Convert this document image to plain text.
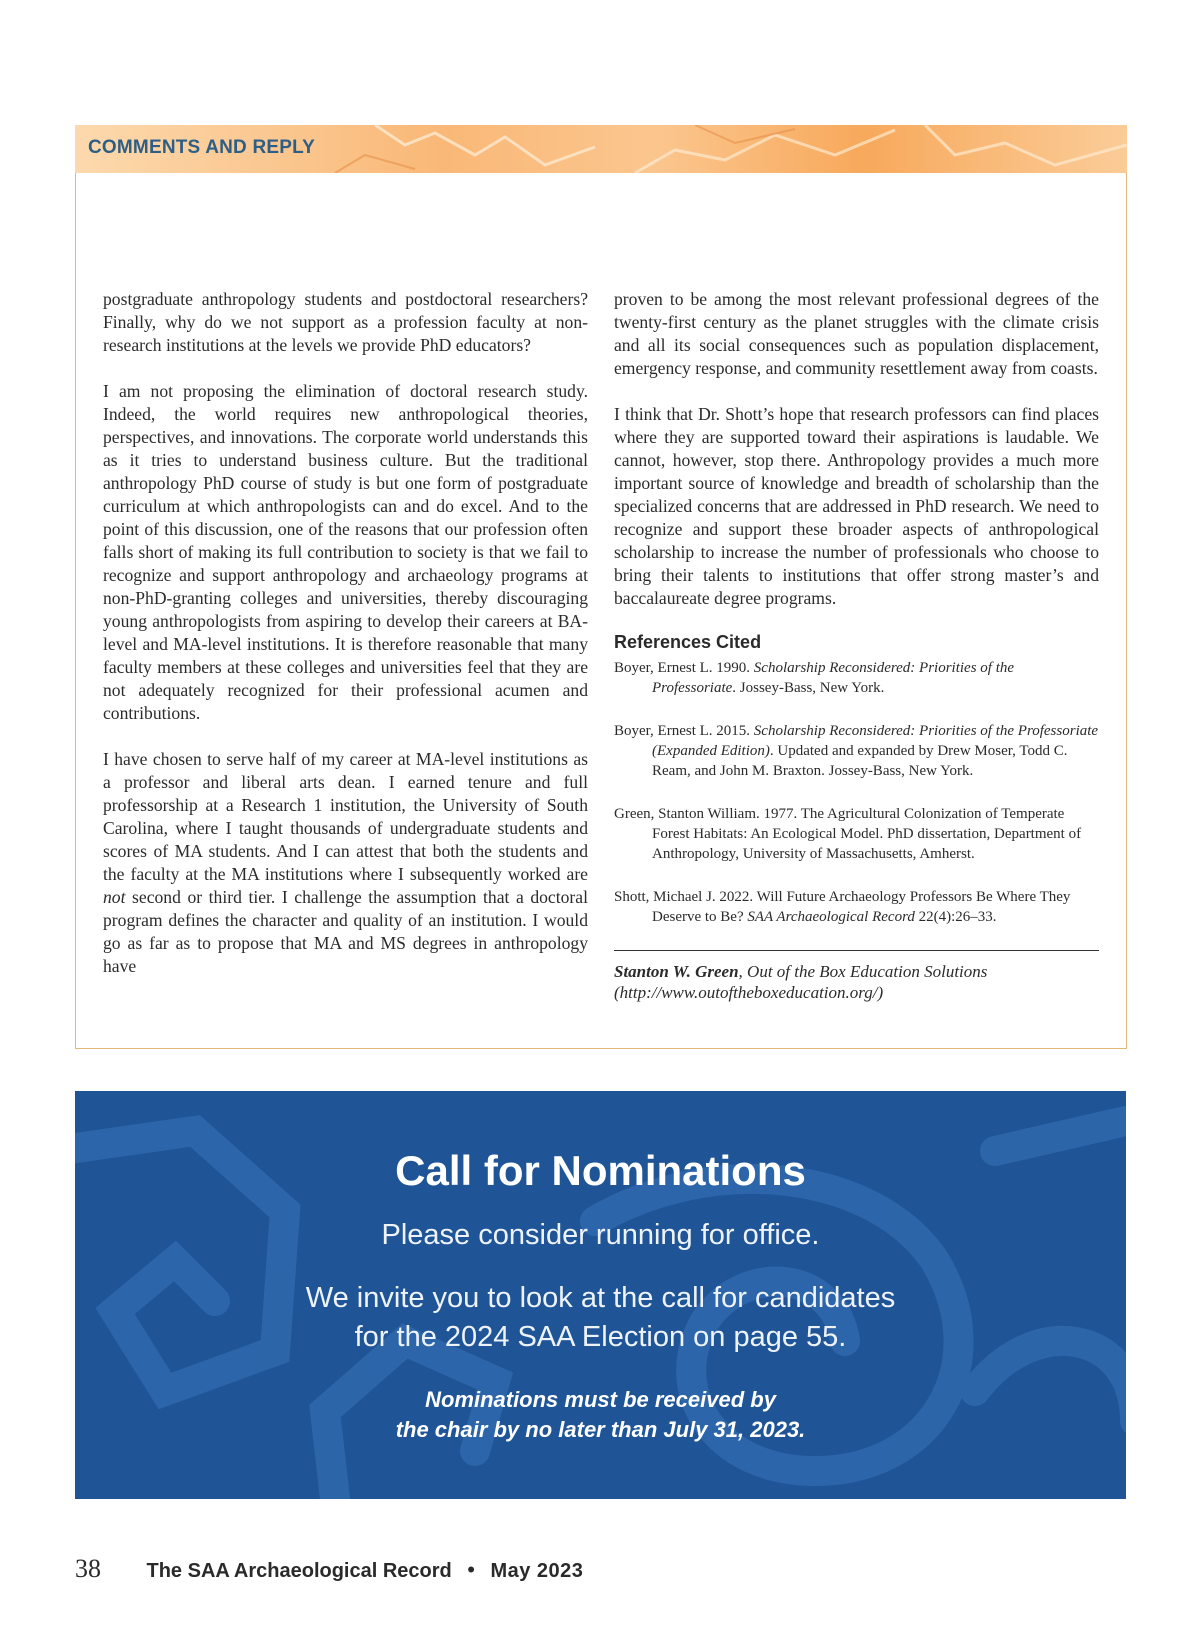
COMMENTS AND REPLY

postgraduate anthropology students and postdoctoral researchers? Finally, why do we not support as a profession faculty at non-research institutions at the levels we provide PhD educators?

I am not proposing the elimination of doctoral research study. Indeed, the world requires new anthropological theories, perspectives, and innovations. The corporate world understands this as it tries to understand business culture. But the traditional anthropology PhD course of study is but one form of postgraduate curriculum at which anthropologists can and do excel. And to the point of this discussion, one of the reasons that our profession often falls short of making its full contribution to society is that we fail to recognize and support anthropology and archaeology programs at non-PhD-granting colleges and universities, thereby discouraging young anthropologists from aspiring to develop their careers at BA-level and MA-level institutions. It is therefore reasonable that many faculty members at these colleges and universities feel that they are not adequately recognized for their professional acumen and contributions.

I have chosen to serve half of my career at MA-level institutions as a professor and liberal arts dean. I earned tenure and full professorship at a Research 1 institution, the University of South Carolina, where I taught thousands of undergraduate students and scores of MA students. And I can attest that both the students and the faculty at the MA institutions where I subsequently worked are not second or third tier. I challenge the assumption that a doctoral program defines the character and quality of an institution. I would go as far as to propose that MA and MS degrees in anthropology have

proven to be among the most relevant professional degrees of the twenty-first century as the planet struggles with the climate crisis and all its social consequences such as population displacement, emergency response, and community resettlement away from coasts.

I think that Dr. Shott’s hope that research professors can find places where they are supported toward their aspirations is laudable. We cannot, however, stop there. Anthropology provides a much more important source of knowledge and breadth of scholarship than the specialized concerns that are addressed in PhD research. We need to recognize and support these broader aspects of anthropological scholarship to increase the number of professionals who choose to bring their talents to institutions that offer strong master’s and baccalaureate degree programs.

References Cited

Boyer, Ernest L. 1990. Scholarship Reconsidered: Priorities of the Professoriate. Jossey-Bass, New York.

Boyer, Ernest L. 2015. Scholarship Reconsidered: Priorities of the Professoriate (Expanded Edition). Updated and expanded by Drew Moser, Todd C. Ream, and John M. Braxton. Jossey-Bass, New York.

Green, Stanton William. 1977. The Agricultural Colonization of Temperate Forest Habitats: An Ecological Model. PhD dissertation, Department of Anthropology, University of Massachusetts, Amherst.

Shott, Michael J. 2022. Will Future Archaeology Professors Be Where They Deserve to Be? SAA Archaeological Record 22(4):26–33.

Stanton W. Green, Out of the Box Education Solutions (http://www.outoftheboxeducation.org/)
Call for Nominations
Please consider running for office.
We invite you to look at the call for candidates
for the 2024 SAA Election on page 55.
Nominations must be received by
the chair by no later than July 31, 2023.
38 The SAA Archaeological Record • May 2023
